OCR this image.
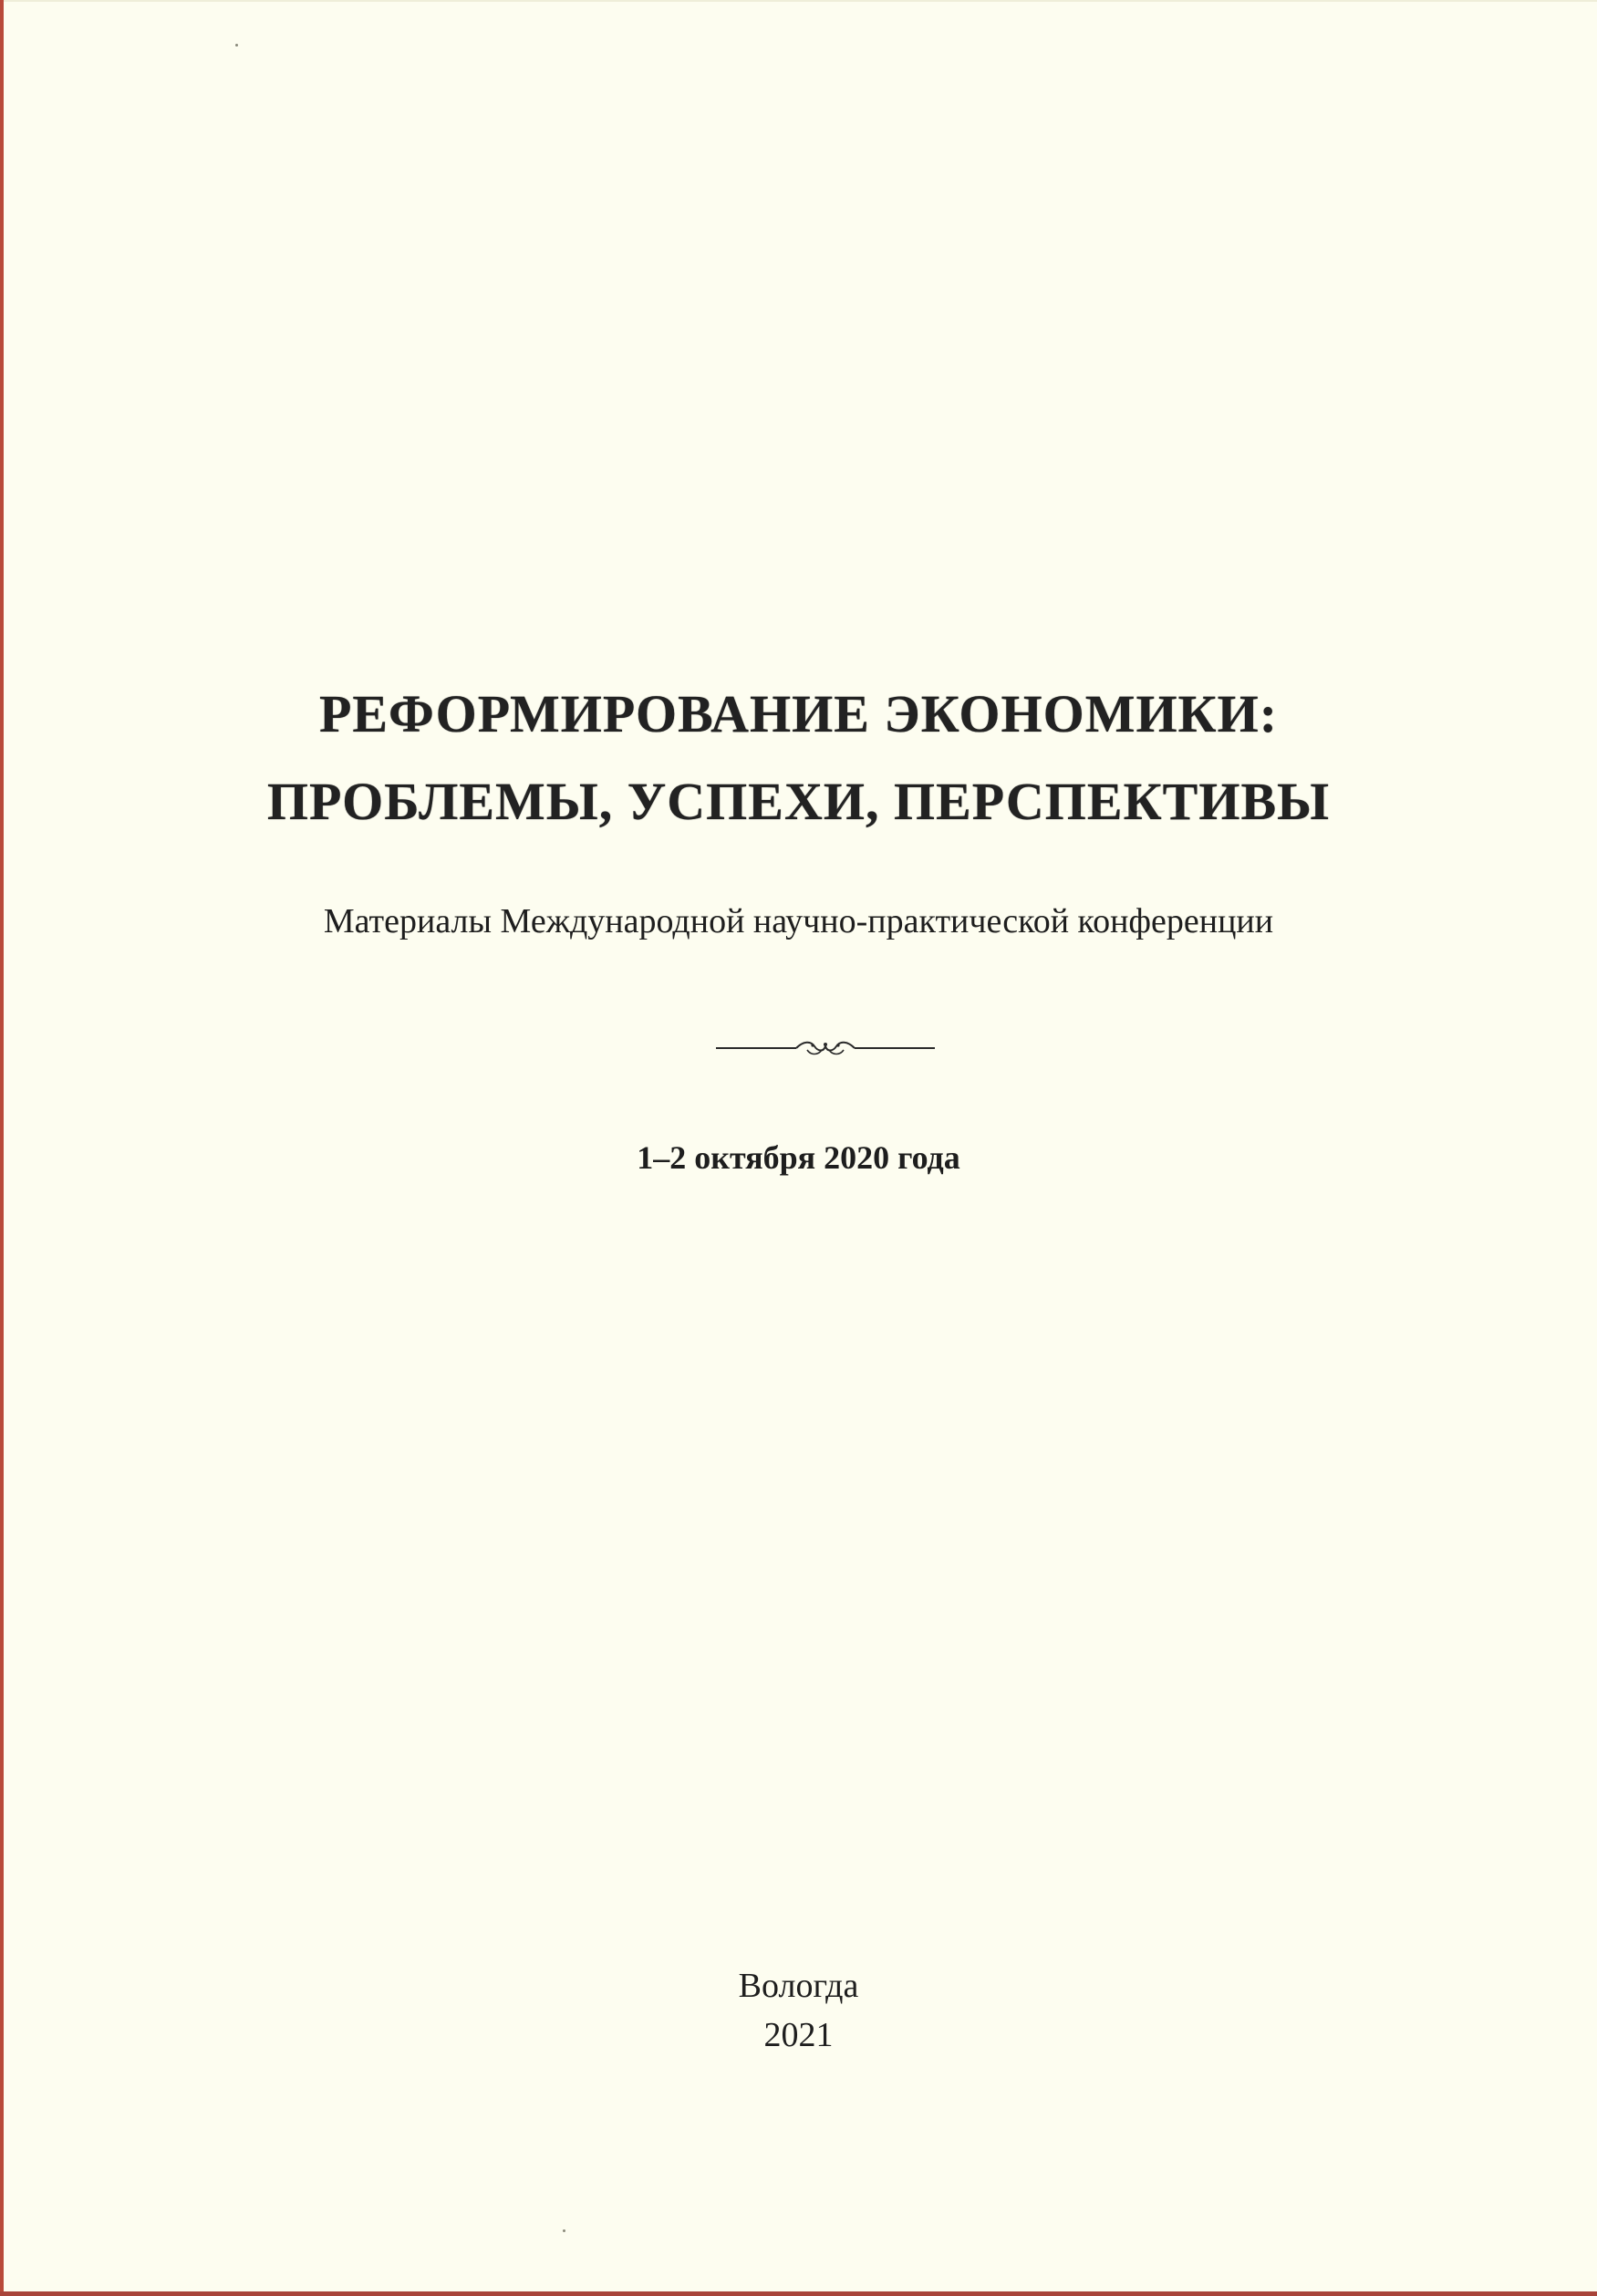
РЕФОРМИРОВАНИЕ ЭКОНОМИКИ:
ПРОБЛЕМЫ, УСПЕХИ, ПЕРСПЕКТИВЫ
Материалы Международной научно-практической конференции
1–2 октября 2020 года
Вологда
2021
